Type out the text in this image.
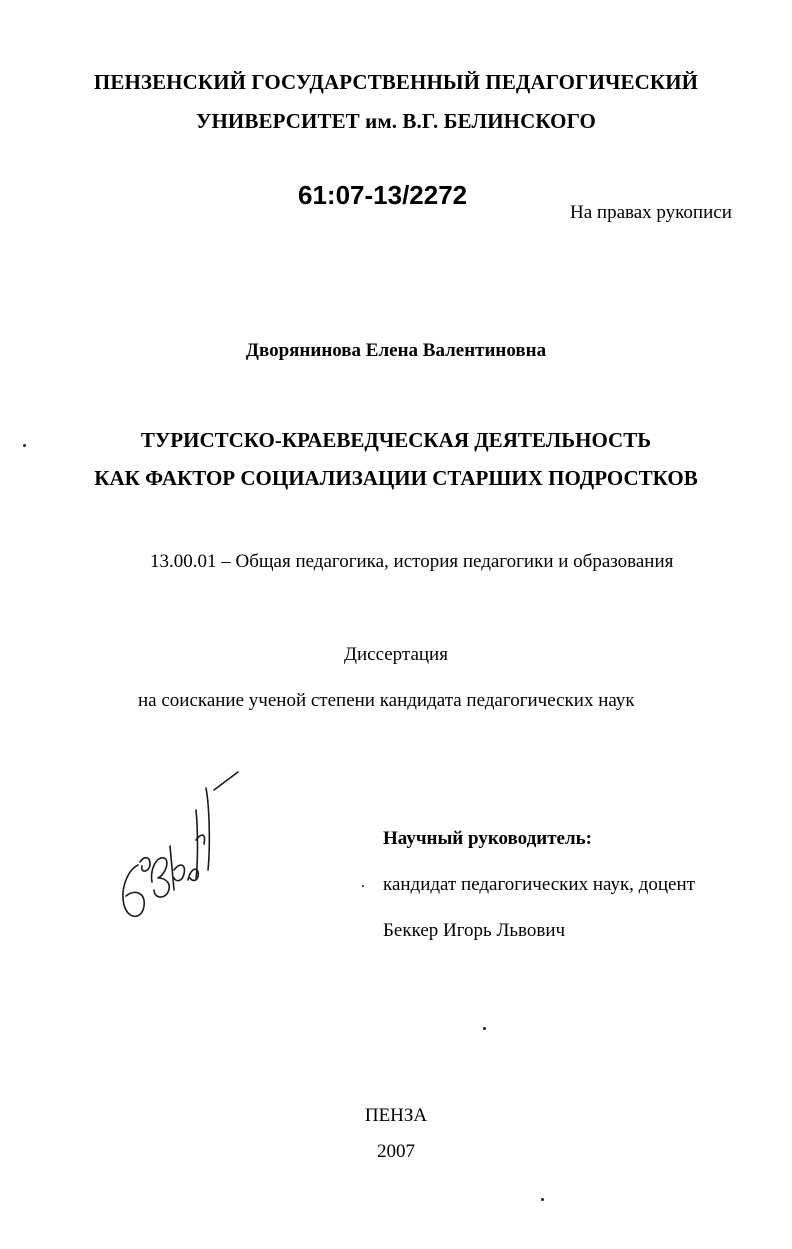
ПЕНЗЕНСКИЙ ГОСУДАРСТВЕННЫЙ ПЕДАГОГИЧЕСКИЙ
УНИВЕРСИТЕТ им. В.Г. БЕЛИНСКОГО
61:07-13/2272
На правах рукописи
Дворянинова Елена Валентиновна
ТУРИСТСКО-КРАЕВЕДЧЕСКАЯ ДЕЯТЕЛЬНОСТЬ
КАК ФАКТОР СОЦИАЛИЗАЦИИ СТАРШИХ ПОДРОСТКОВ
13.00.01 – Общая педагогика, история педагогики и образования
Диссертация
на соискание ученой степени кандидата педагогических наук
6 9617
Научный руководитель:
кандидат педагогических наук, доцент
Беккер Игорь Львович
ПЕНЗА
2007
